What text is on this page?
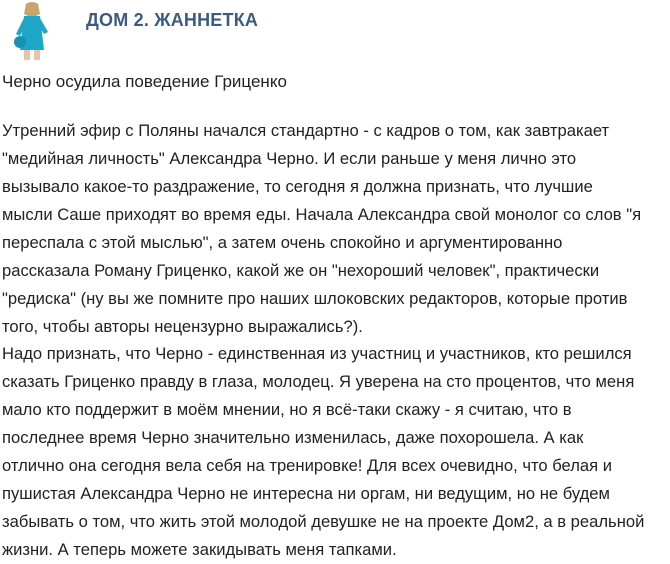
ДОМ 2. ЖАННЕТКА
Черно осудила поведение Гриценко
Утренний эфир с Поляны начался стандартно - с кадров о том, как завтракает
"медийная личность" Александра Черно. И если раньше у меня лично это
вызывало какое-то раздражение, то сегодня я должна признать, что лучшие
мысли Саше приходят во время еды. Начала Александра свой монолог со слов "я
переспала с этой мыслью", а затем очень спокойно и аргументированно
рассказала Роману Гриценко, какой же он "нехороший человек", практически
"редиска" (ну вы же помните про наших шлоковских редакторов, которые против
того, чтобы авторы нецензурно выражались?).
Надо признать, что Черно - единственная из участниц и участников, кто решился
сказать Гриценко правду в глаза, молодец. Я уверена на сто процентов, что меня
мало кто поддержит в моём мнении, но я всё-таки скажу - я считаю, что в
последнее время Черно значительно изменилась, даже похорошела. А как
отлично она сегодня вела себя на тренировке! Для всех очевидно, что белая и
пушистая Александра Черно не интересна ни оргам, ни ведущим, но не будем
забывать о том, что жить этой молодой девушке не на проекте Дом2, а в реальной
жизни. А теперь можете закидывать меня тапками.
